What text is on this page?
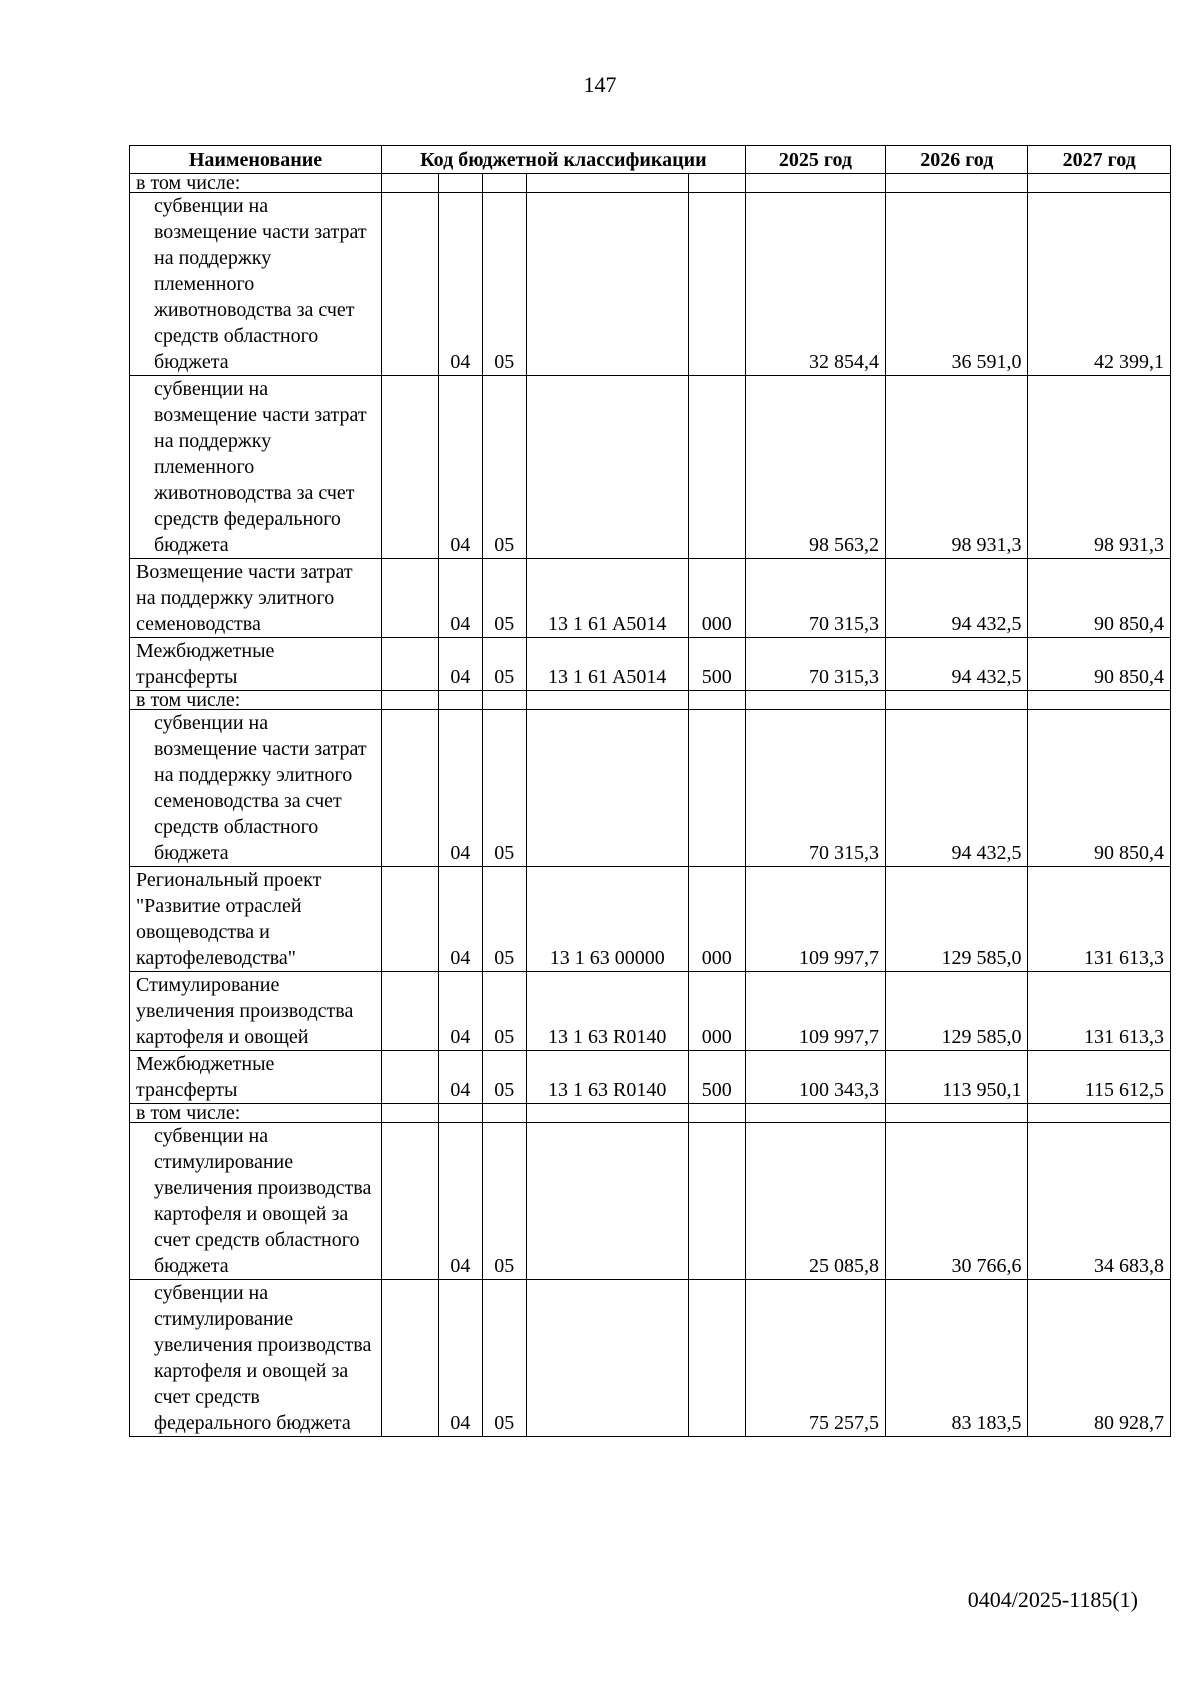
147
Наименование	Код бюджетной классификации					2025 год	2026 год	2027 год
в том числе:								
субвенции на возмещение части затрат на поддержку племенного животноводства за счет средств областного бюджета		04	05			32 854,4	36 591,0	42 399,1
субвенции на возмещение части затрат на поддержку племенного животноводства за счет средств федерального бюджета		04	05			98 563,2	98 931,3	98 931,3
Возмещение части затрат на поддержку элитного семеноводства		04	05	13 1 61 A5014	000	70 315,3	94 432,5	90 850,4
Межбюджетные трансферты		04	05	13 1 61 A5014	500	70 315,3	94 432,5	90 850,4
в том числе:								
субвенции на возмещение части затрат на поддержку элитного семеноводства за счет средств областного бюджета		04	05			70 315,3	94 432,5	90 850,4
Региональный проект "Развитие отраслей овощеводства и картофелеводства"		04	05	13 1 63 00000	000	109 997,7	129 585,0	131 613,3
Стимулирование увеличения производства картофеля и овощей		04	05	13 1 63 R0140	000	109 997,7	129 585,0	131 613,3
Межбюджетные трансферты		04	05	13 1 63 R0140	500	100 343,3	113 950,1	115 612,5
в том числе:								
субвенции на стимулирование увеличения производства картофеля и овощей за счет средств областного бюджета		04	05			25 085,8	30 766,6	34 683,8
субвенции на стимулирование увеличения производства картофеля и овощей за счет средств федерального бюджета		04	05			75 257,5	83 183,5	80 928,7
0404/2025-1185(1)
